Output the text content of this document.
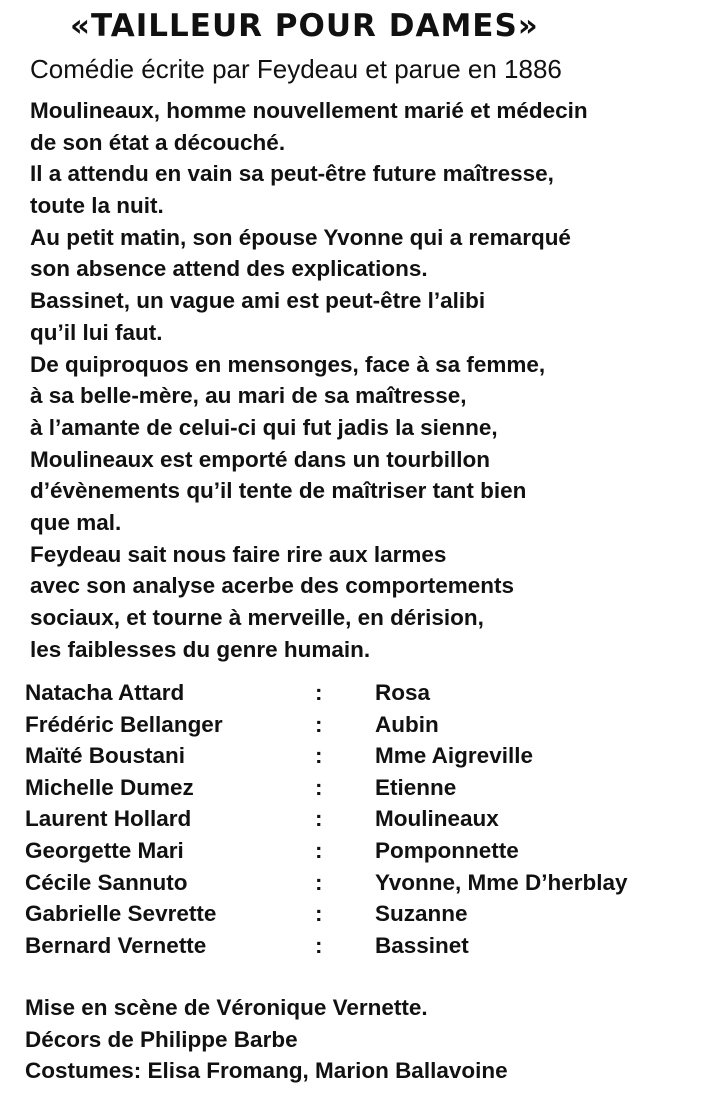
«TAILLEUR POUR DAMES»
Comédie écrite par Feydeau et parue en 1886
Moulineaux, homme nouvellement marié et médecin
de son état a découché.
Il a attendu en vain sa peut-être future maîtresse,
toute la nuit.
Au petit matin, son épouse Yvonne qui a remarqué
son absence attend des explications.
Bassinet, un vague ami est peut-être l’alibi
qu’il lui faut.
De quiproquos en mensonges, face à sa femme,
à sa belle-mère, au mari de sa maîtresse,
à l’amante de celui-ci qui fut jadis la sienne,
Moulineaux est emporté dans un tourbillon
d’évènements qu’il tente de maîtriser tant bien
que mal.
Feydeau sait nous faire rire aux larmes
avec son analyse acerbe des comportements
sociaux, et tourne à merveille, en dérision,
les faiblesses du genre humain.
Natacha Attard	: Rosa
Frédéric Bellanger	: Aubin
Maïté Boustani	: Mme Aigreville
Michelle Dumez	: Etienne
Laurent Hollard	: Moulineaux
Georgette Mari	: Pomponnette
Cécile Sannuto	: Yvonne, Mme D’herblay
Gabrielle Sevrette	: Suzanne
Bernard Vernette	: Bassinet
Mise en scène de Véronique Vernette.
Décors de Philippe Barbe
Costumes: Elisa Fromang, Marion Ballavoine
